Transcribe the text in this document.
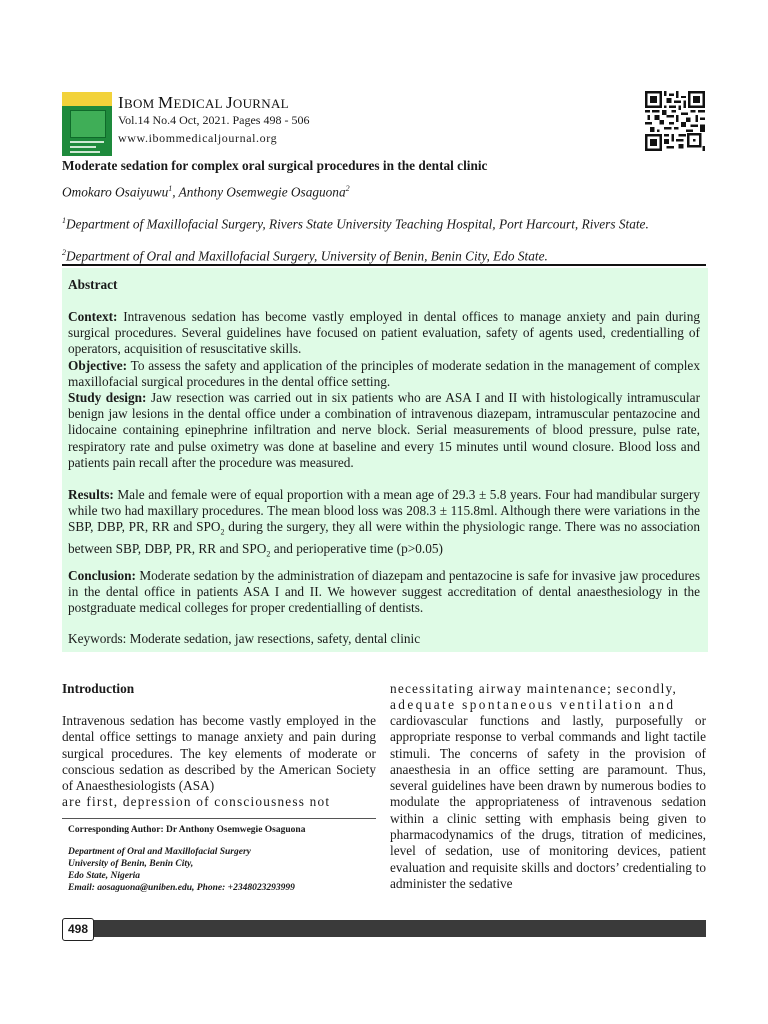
IBOM MEDICAL JOURNAL
Vol.14 No.4 Oct, 2021. Pages 498 - 506
www.ibommedicaljournal.org
Moderate sedation for complex oral surgical procedures in the dental clinic
Omokaro Osaiyuwu$^1$, Anthony Osemwegie Osaguona$^2$
$^1$Department of Maxillofacial Surgery, Rivers State University Teaching Hospital, Port Harcourt, Rivers State.
$^2$Department of Oral and Maxillofacial Surgery, University of Benin, Benin City, Edo State.
Abstract
Context: Intravenous sedation has become vastly employed in dental offices to manage anxiety and pain during surgical procedures. Several guidelines have focused on patient evaluation, safety of agents used, credentialling of operators, acquisition of resuscitative skills.
Objective: To assess the safety and application of the principles of moderate sedation in the management of complex maxillofacial surgical procedures in the dental office setting.
Study design: Jaw resection was carried out in six patients who are ASA I and II with histologically intramuscular benign jaw lesions in the dental office under a combination of intravenous diazepam, intramuscular pentazocine and lidocaine containing epinephrine infiltration and nerve block. Serial measurements of blood pressure, pulse rate, respiratory rate and pulse oximetry was done at baseline and every 15 minutes until wound closure. Blood loss and patients pain recall after the procedure was measured.
Results: Male and female were of equal proportion with a mean age of 29.3 ± 5.8 years. Four had mandibular surgery while two had maxillary procedures. The mean blood loss was 208.3 ± 115.8ml. Although there were variations in the SBP, DBP, PR, RR and $SPO_2$ during the surgery, they all were within the physiologic range. There was no association between SBP, DBP, PR, RR and $SPO_2$ and perioperative time (p>0.05)
Conclusion: Moderate sedation by the administration of diazepam and pentazocine is safe for invasive jaw procedures in the dental office in patients ASA I and II. We however suggest accreditation of dental anaesthesiology in the postgraduate medical colleges for proper credentialling of dentists.
Keywords: Moderate sedation, jaw resections, safety, dental clinic
Introduction
Intravenous sedation has become vastly employed in the dental office settings to manage anxiety and pain during surgical procedures. The key elements of moderate or conscious sedation as described by the American Society of Anaesthesiologists (ASA)
are first, depression of consciousness not
Corresponding Author: Dr Anthony Osemwegie Osaguona
Department of Oral and Maxillofacial Surgery
University of Benin, Benin City,
Edo State, Nigeria
Email: aosaguona@uniben.edu, Phone: +2348023293999
necessitating airway maintenance; secondly,
adequate spontaneous ventilation and
cardiovascular functions and lastly, purposefully or appropriate response to verbal commands and light tactile stimuli. The concerns of safety in the provision of anaesthesia in an office setting are paramount. Thus, several guidelines have been drawn by numerous bodies to modulate the appropriateness of intravenous sedation within a clinic setting with emphasis being given to pharmacodynamics of the drugs, titration of medicines, level of sedation, use of monitoring devices, patient evaluation and requisite skills and doctors’ credentialing to administer the sedative
498
